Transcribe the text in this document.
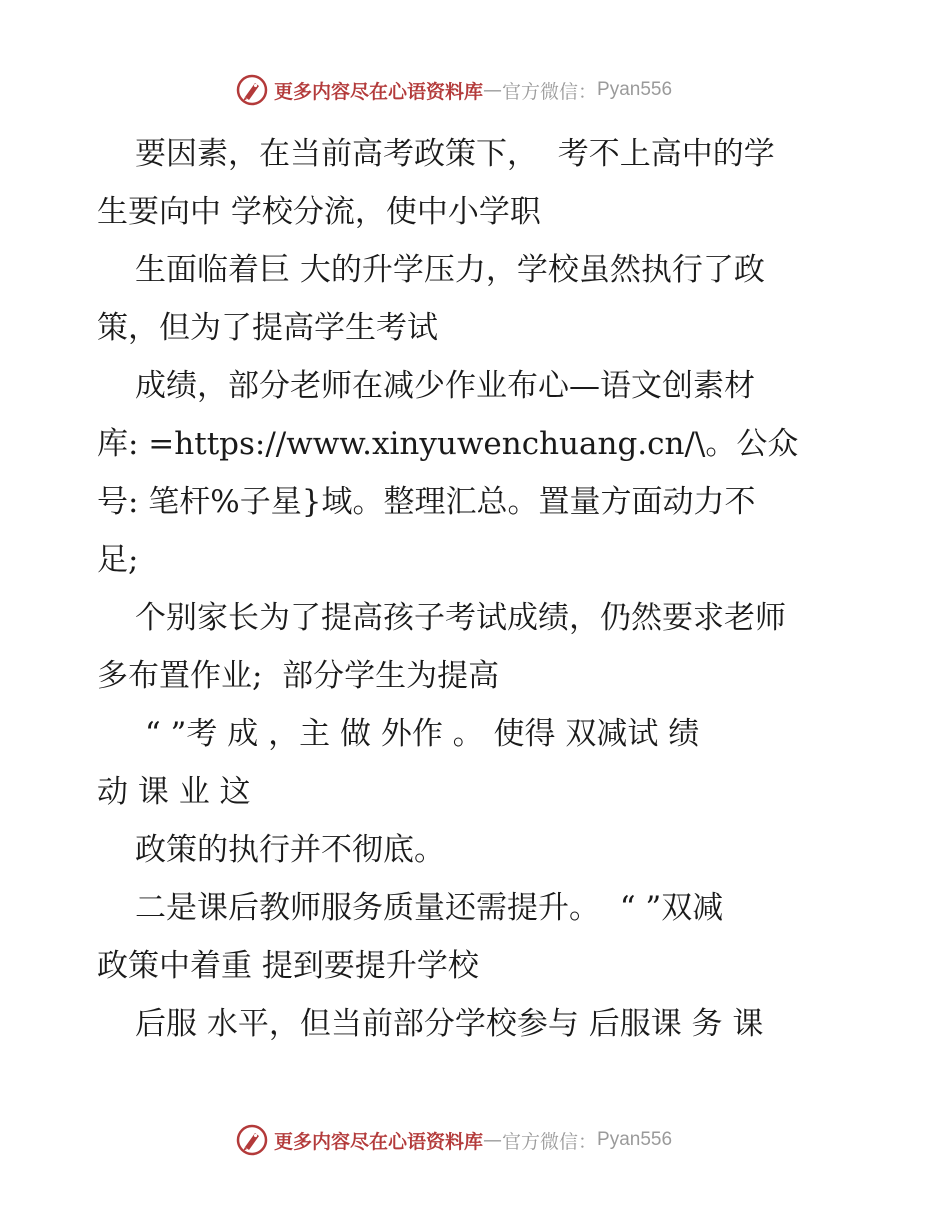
更多内容尽在心语资料库 — 官方微信： Pyan556
要因素，在当前高考政策下，  考不上高中的学
生要向中 学校分流，使中小学职
生面临着巨 大的升学压力，学校虽然执行了政
策，但为了提高学生考试
成绩，部分老师在减少作业布心—语文创素材
库: =https://www.xinyuwenchuang.cn/\。公众
号: 笔杆%子星}域。整理汇总。置量方面动力不
足;
个别家长为了提高孩子考试成绩，仍然要求老师
多布置作业;  部分学生为提高
“ ”考 成 ，主 做 外作 。 使得 双减试 绩
动 课 业 这
政策的执行并不彻底。
二是课后教师服务质量还需提升。  “ ”双减
政策中着重 提到要提升学校
后服 水平，但当前部分学校参与 后服课 务 课
更多内容尽在心语资料库 — 官方微信： Pyan556
